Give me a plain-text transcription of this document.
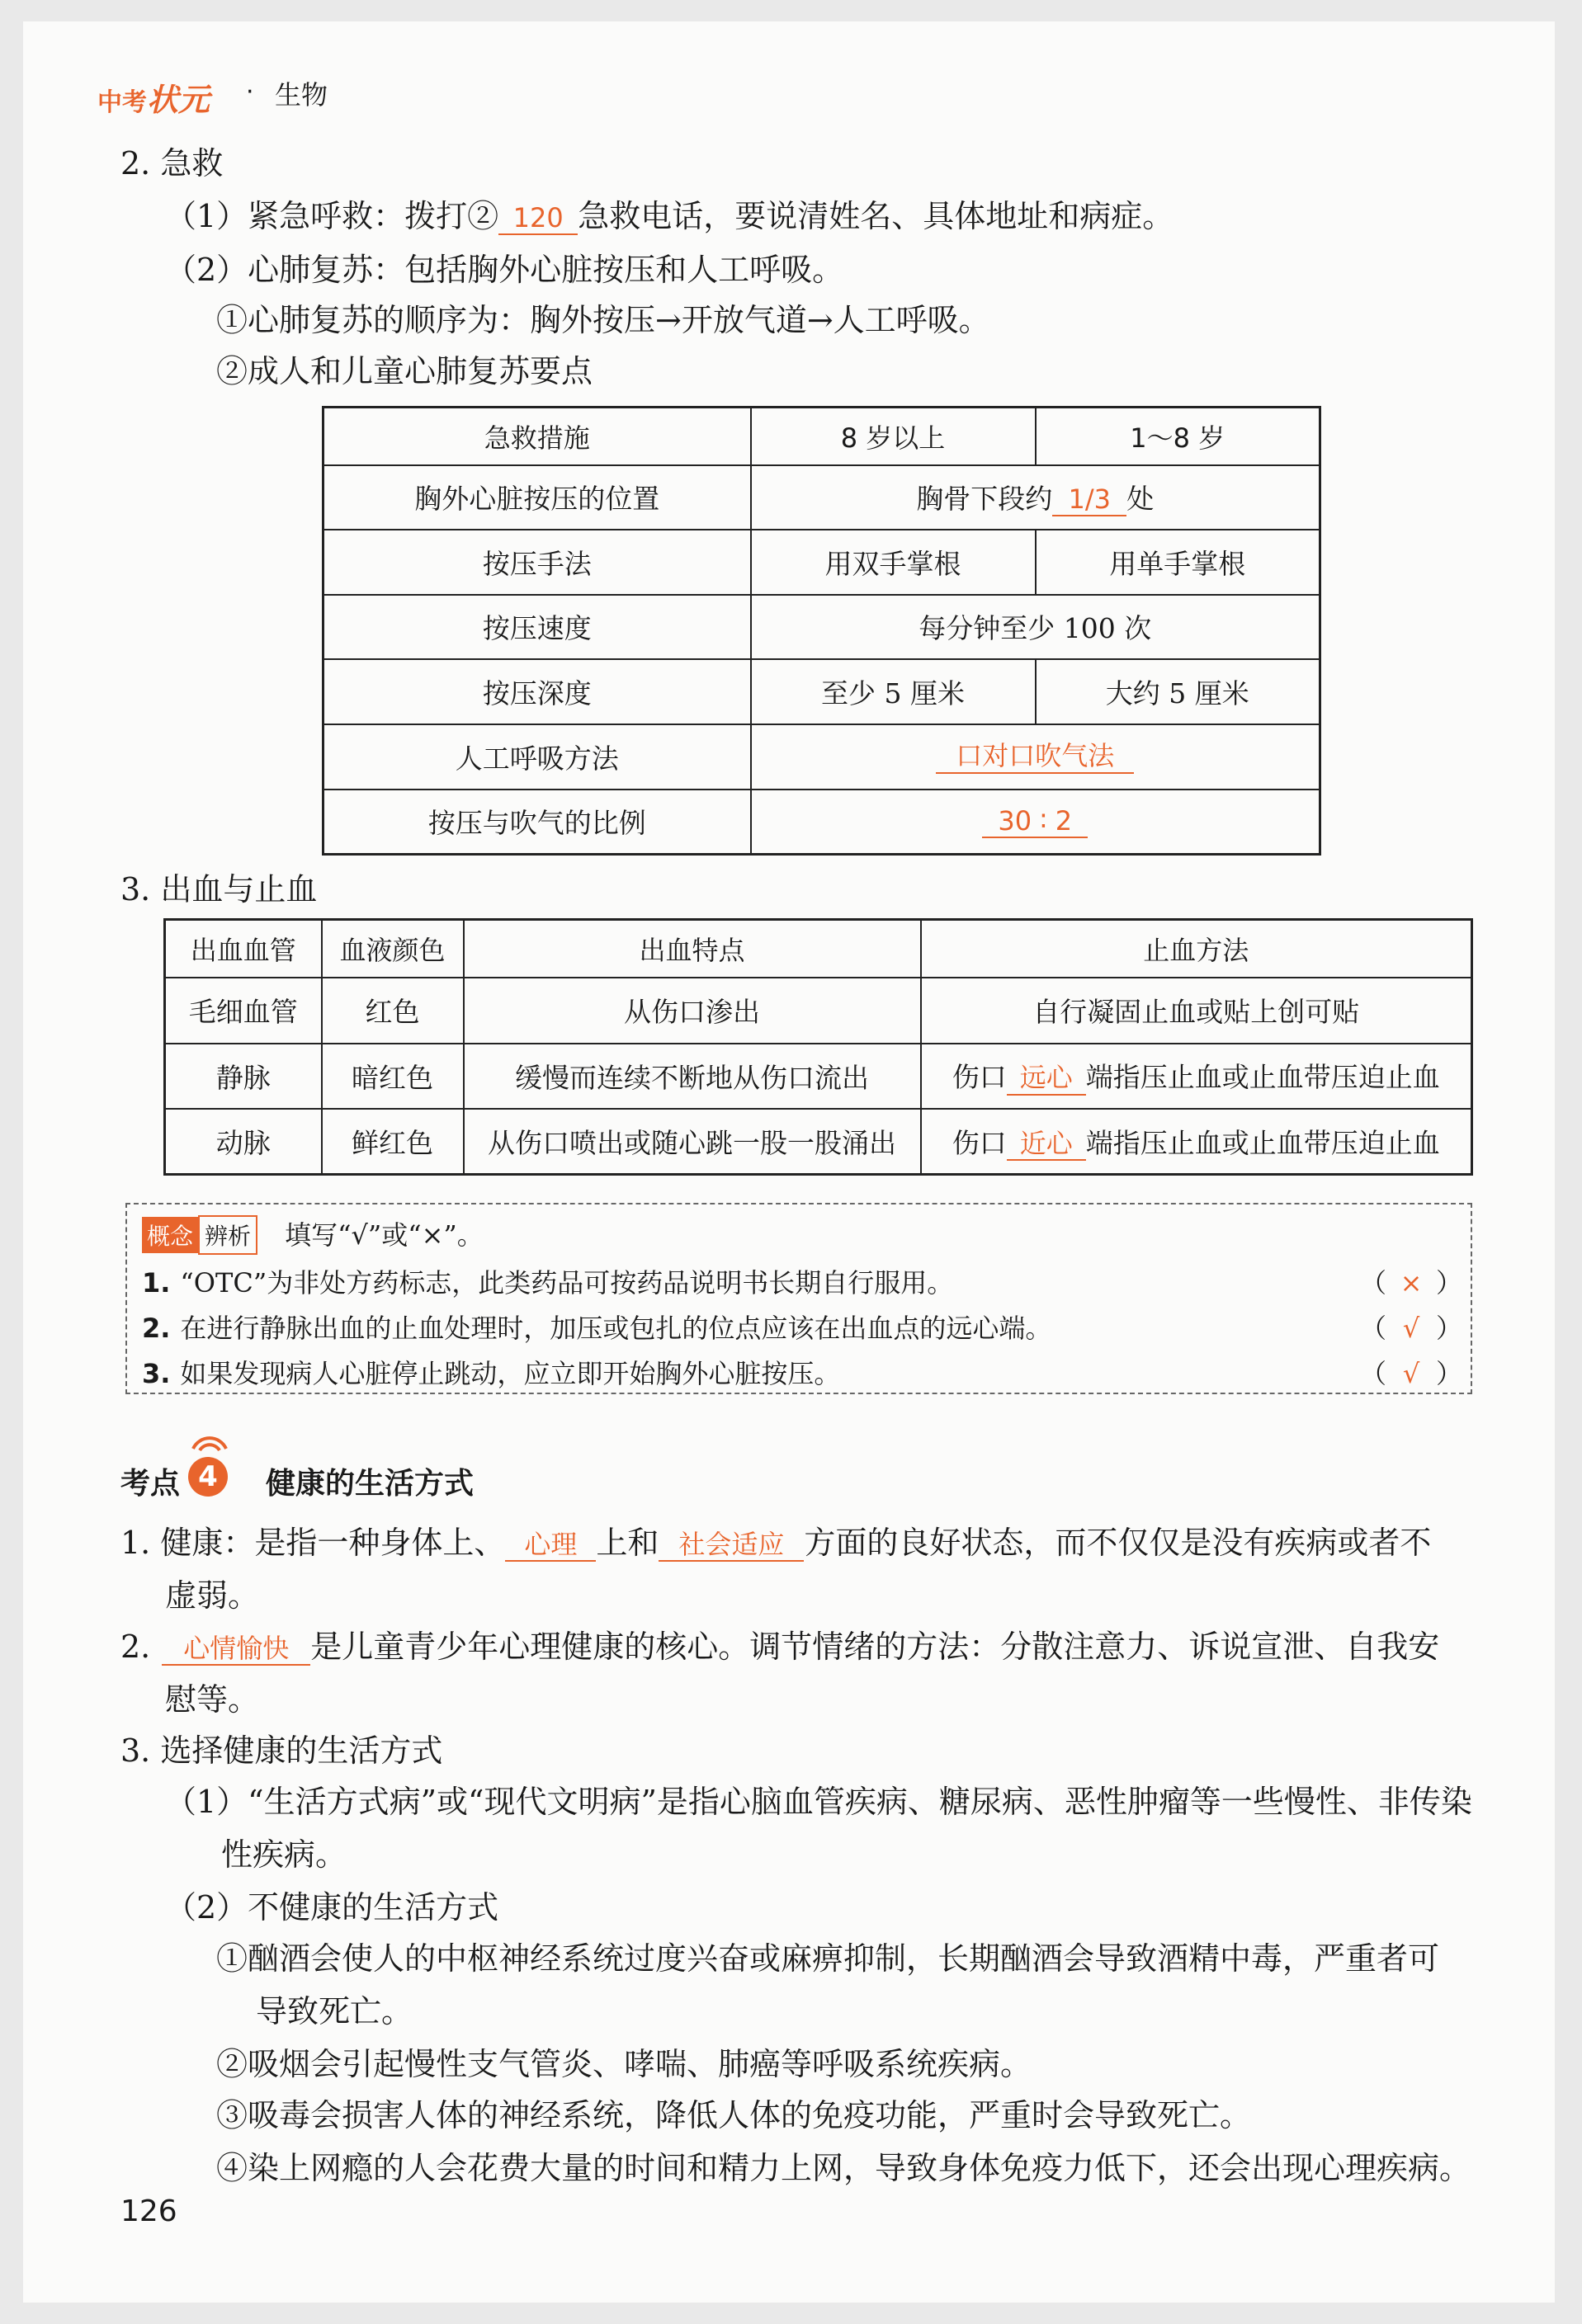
中考状元 · 生物
2. 急救
（1）紧急呼救：拨打② 120 急救电话，要说清姓名、具体地址和病症。
（2）心肺复苏：包括胸外心脏按压和人工呼吸。
①心肺复苏的顺序为：胸外按压→开放气道→人工呼吸。
②成人和儿童心肺复苏要点
急救措施	8 岁以上	1～8 岁
胸外心脏按压的位置	胸骨下段约 1/3 处	
按压手法	用双手掌根	用单手掌根
按压速度	每分钟至少 100 次	
按压深度	至少 5 厘米	大约 5 厘米
人工呼吸方法	口对口吹气法	
按压与吹气的比例	30 ∶ 2	
3. 出血与止血
出血血管	血液颜色	出血特点	止血方法
毛细血管	红色	从伤口渗出	自行凝固止血或贴上创可贴
静脉	暗红色	缓慢而连续不断地从伤口流出	伤口 远心 端指压止血或止血带压迫止血
动脉	鲜红色	从伤口喷出或随心跳一股一股涌出	伤口 近心 端指压止血或止血带压迫止血
概念 辨析 填写“√”或“×”。
1. “OTC”为非处方药标志，此类药品可按药品说明书长期自行服用。	（ × ）
2. 在进行静脉出血的止血处理时，加压或包扎的位点应该在出血点的远心端。	（ √ ）
3. 如果发现病人心脏停止跳动，应立即开始胸外心脏按压。	（ √ ）
考点 4	健康的生活方式
1. 健康：是指一种身体上、 心理 上和 社会适应 方面的良好状态，而不仅仅是没有疾病或者不
虚弱。
2. 心情愉快 是儿童青少年心理健康的核心。调节情绪的方法：分散注意力、诉说宣泄、自我安
慰等。
3. 选择健康的生活方式
（1）“生活方式病”或“现代文明病”是指心脑血管疾病、糖尿病、恶性肿瘤等一些慢性、非传染
性疾病。
（2）不健康的生活方式
①酗酒会使人的中枢神经系统过度兴奋或麻痹抑制，长期酗酒会导致酒精中毒，严重者可
导致死亡。
②吸烟会引起慢性支气管炎、哮喘、肺癌等呼吸系统疾病。
③吸毒会损害人体的神经系统，降低人体的免疫功能，严重时会导致死亡。
④染上网瘾的人会花费大量的时间和精力上网，导致身体免疫力低下，还会出现心理疾病。
126
